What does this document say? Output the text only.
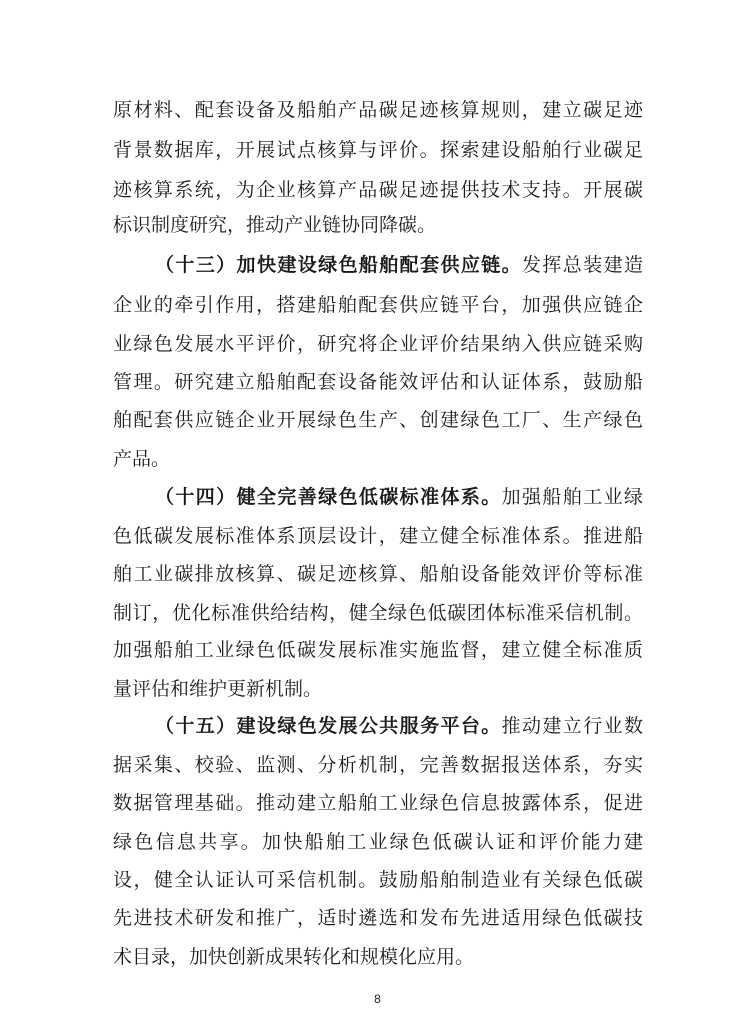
原材料、配套设备及船舶产品碳足迹核算规则，建立碳足迹
背景数据库，开展试点核算与评价。探索建设船舶行业碳足
迹核算系统，为企业核算产品碳足迹提供技术支持。开展碳
标识制度研究，推动产业链协同降碳。
（十三）加快建设绿色船舶配套供应链。发挥总装建造
企业的牵引作用，搭建船舶配套供应链平台，加强供应链企
业绿色发展水平评价，研究将企业评价结果纳入供应链采购
管理。研究建立船舶配套设备能效评估和认证体系，鼓励船
舶配套供应链企业开展绿色生产、创建绿色工厂、生产绿色
产品。
（十四）健全完善绿色低碳标准体系。加强船舶工业绿
色低碳发展标准体系顶层设计，建立健全标准体系。推进船
舶工业碳排放核算、碳足迹核算、船舶设备能效评价等标准
制订，优化标准供给结构，健全绿色低碳团体标准采信机制。
加强船舶工业绿色低碳发展标准实施监督，建立健全标准质
量评估和维护更新机制。
（十五）建设绿色发展公共服务平台。推动建立行业数
据采集、校验、监测、分析机制，完善数据报送体系，夯实
数据管理基础。推动建立船舶工业绿色信息披露体系，促进
绿色信息共享。加快船舶工业绿色低碳认证和评价能力建
设，健全认证认可采信机制。鼓励船舶制造业有关绿色低碳
先进技术研发和推广，适时遴选和发布先进适用绿色低碳技
术目录，加快创新成果转化和规模化应用。
8
